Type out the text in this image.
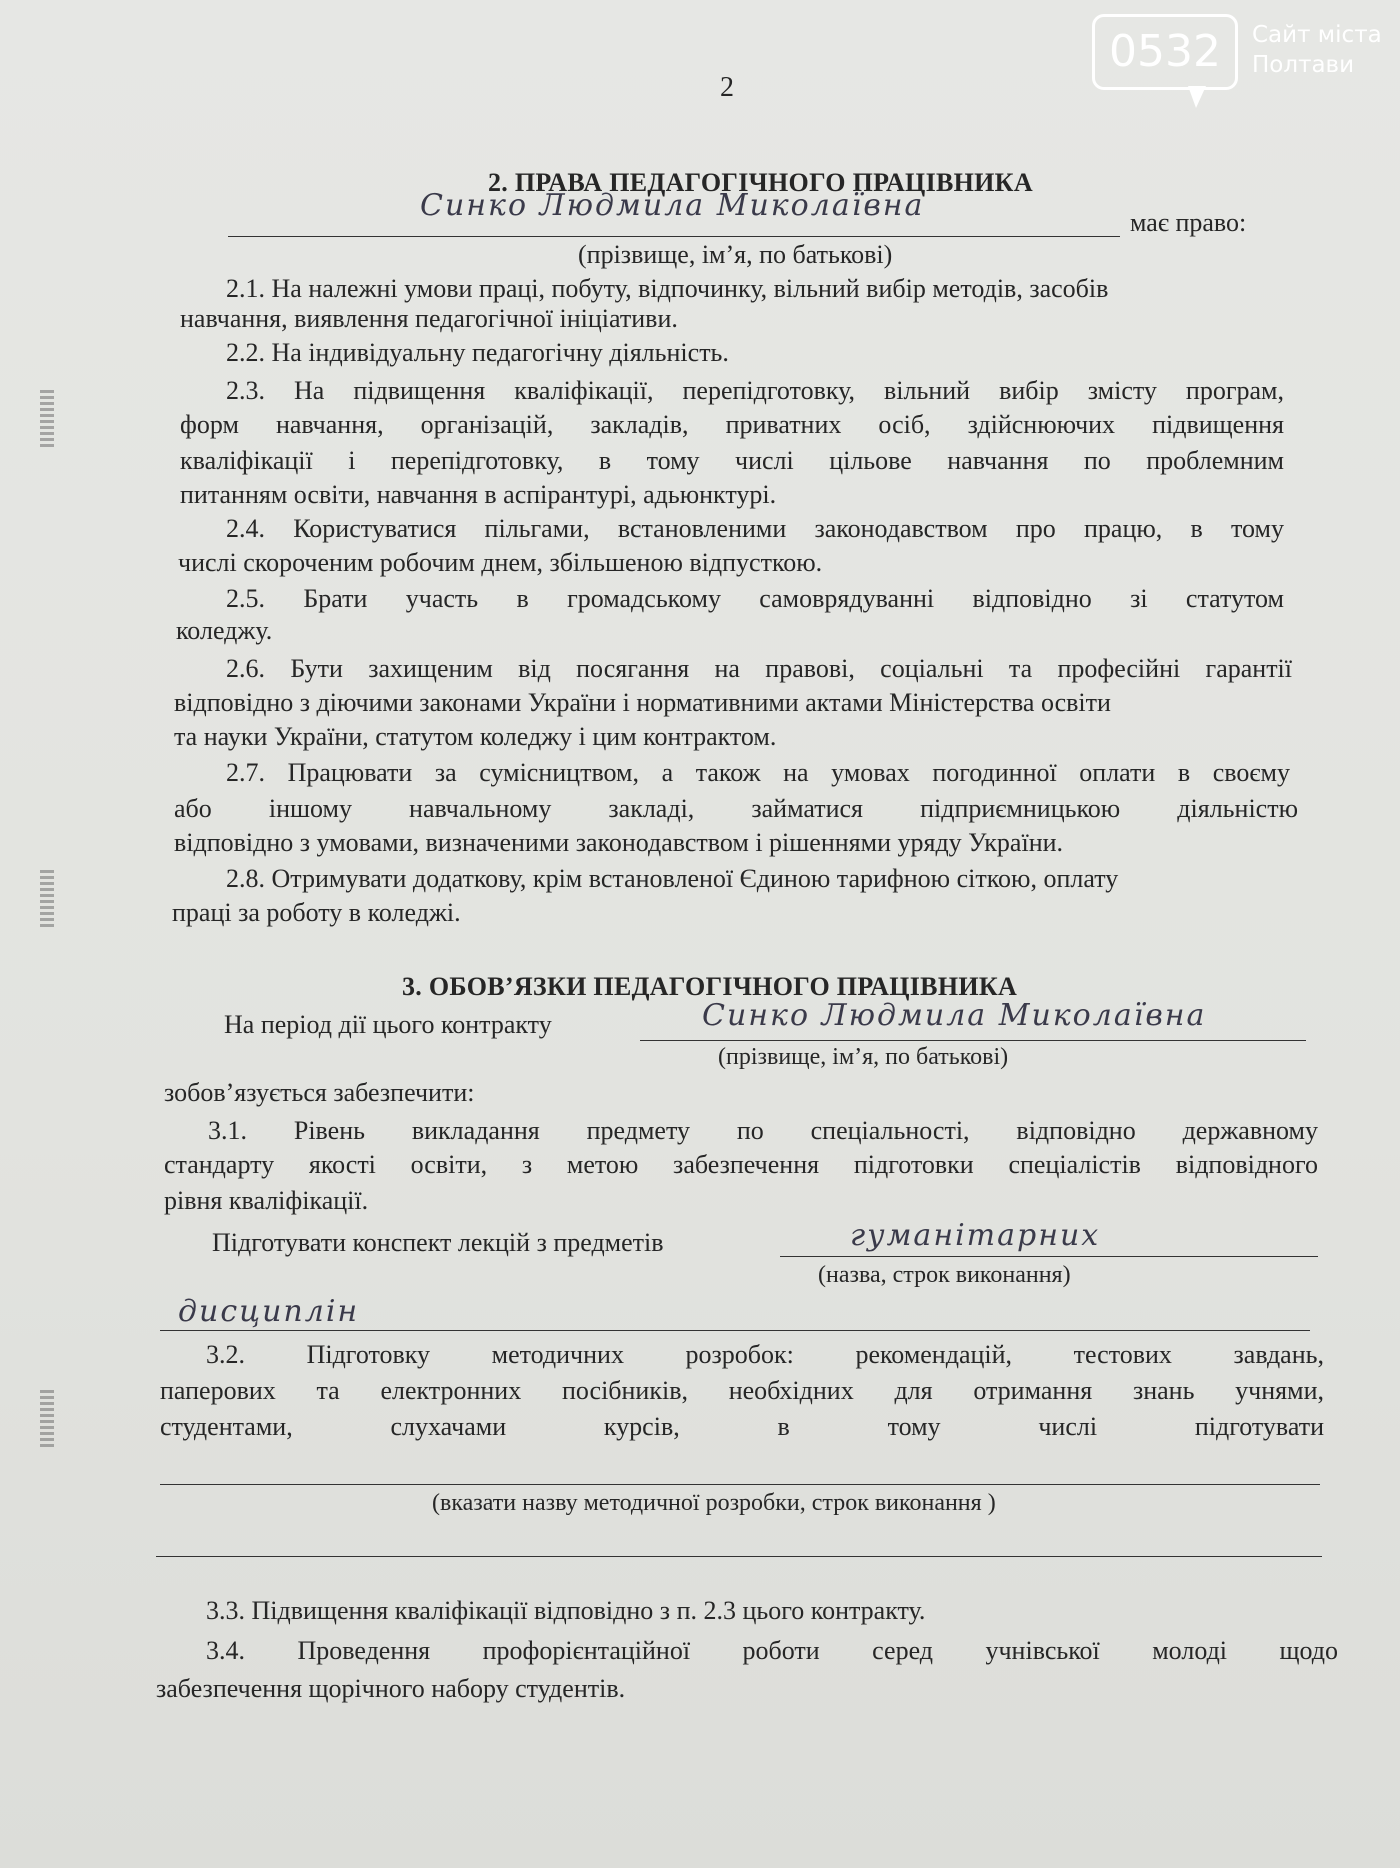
0532	Сайт міста
Полтави
2
2. ПРАВА ПЕДАГОГІЧНОГО ПРАЦІВНИКА
Синко Людмила Миколаївна	має право:
(прізвище, ім’я, по батькові)
2.1. На належні умови праці, побуту, відпочинку, вільний вибір методів, засобів
навчання, виявлення педагогічної ініціативи.
2.2. На індивідуальну педагогічну діяльність.
2.3. На підвищення кваліфікації, перепідготовку, вільний вибір змісту програм,
форм навчання, організацій, закладів, приватних осіб, здійснюючих підвищення
кваліфікації і перепідготовку, в тому числі цільове навчання по проблемним
питанням освіти, навчання в аспірантурі, адьюнктурі.
2.4. Користуватися пільгами, встановленими законодавством про працю, в тому
числі скороченим робочим днем, збільшеною відпусткою.
2.5. Брати участь в громадському самоврядуванні відповідно зі статутом
коледжу.
2.6. Бути захищеним від посягання на правові, соціальні та професійні гарантії
відповідно з діючими законами України і нормативними актами Міністерства освіти
та науки України, статутом коледжу і цим контрактом.
2.7. Працювати за сумісництвом, а також на умовах погодинної оплати в своєму
або іншому навчальному закладі, займатися підприємницькою діяльністю
відповідно з умовами, визначеними законодавством і рішеннями уряду України.
2.8. Отримувати додаткову, крім встановленої Єдиною тарифною сіткою, оплату
праці за роботу в коледжі.
3. ОБОВ’ЯЗКИ ПЕДАГОГІЧНОГО ПРАЦІВНИКА
На період дії цього контракту	Синко Людмила Миколаївна
(прізвище, ім’я, по батькові)
зобов’язується забезпечити:
3.1. Рівень викладання предмету по спеціальності, відповідно державному
стандарту якості освіти, з метою забезпечення підготовки спеціалістів відповідного
рівня кваліфікації.
Підготувати конспект лекцій з предметів	гуманітарних
(назва, строк виконання)
дисциплін
3.2. Підготовку методичних розробок: рекомендацій, тестових завдань,
паперових та електронних посібників, необхідних для отримання знань учнями,
студентами, слухачами курсів, в тому числі підготувати
(вказати назву методичної розробки, строк виконання )
3.3. Підвищення кваліфікації відповідно з п. 2.3 цього контракту.
3.4. Проведення профорієнтаційної роботи серед учнівської молоді щодо
забезпечення щорічного набору студентів.
